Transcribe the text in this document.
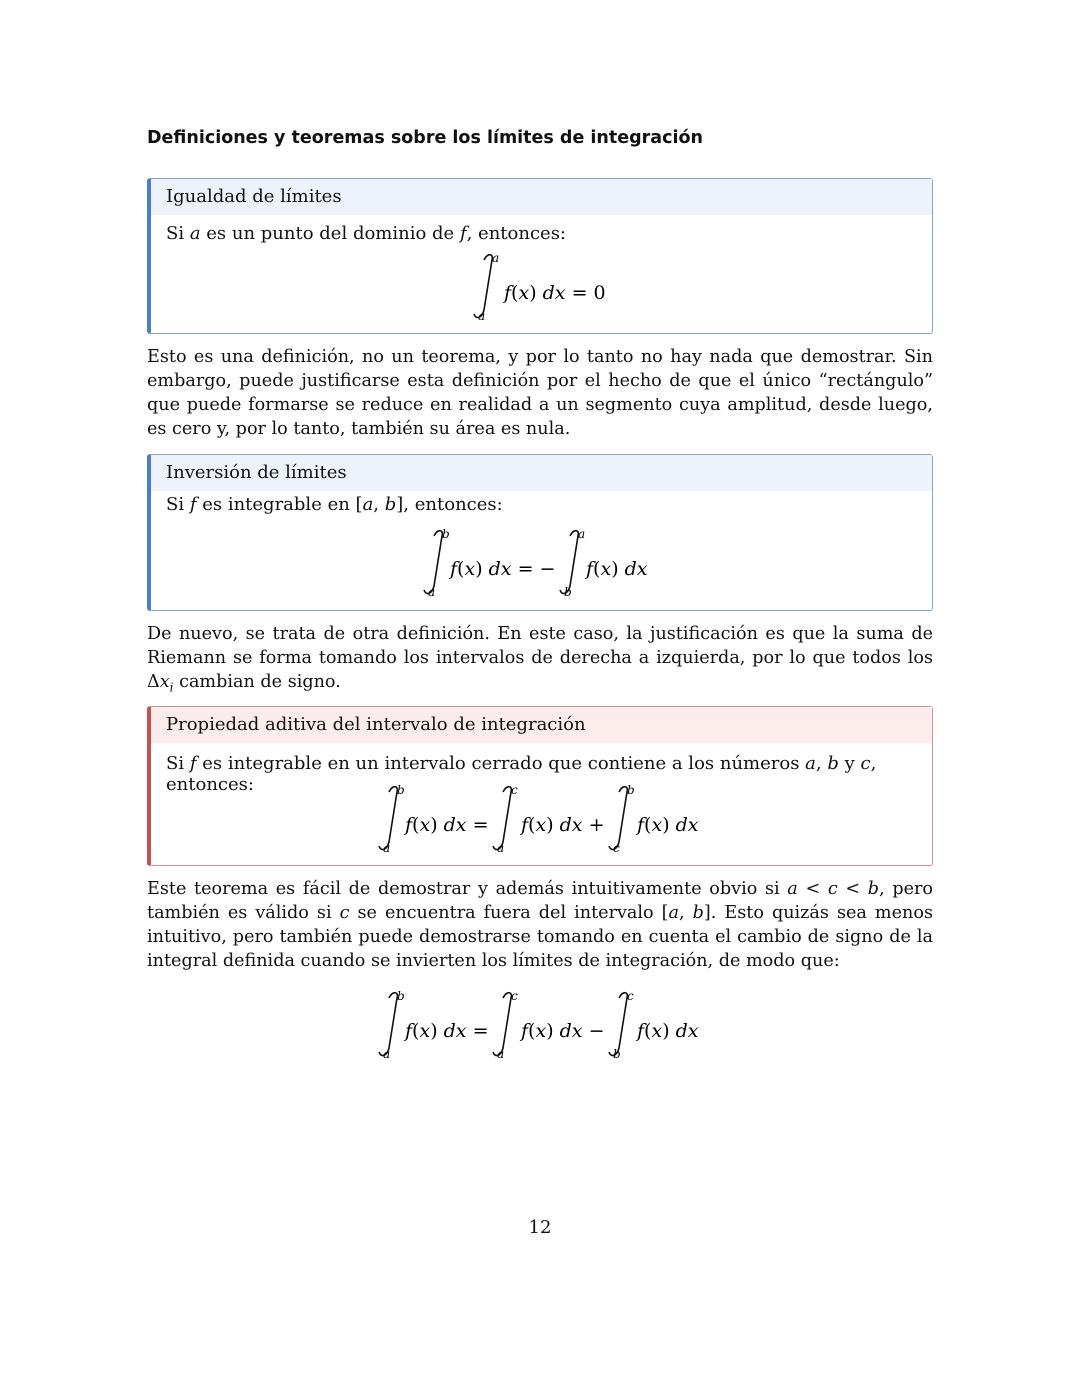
Definiciones y teoremas sobre los límites de integración
Igualdad de límites
Si a es un punto del dominio de f, entonces:
a
a
f(x) dx = 0
Esto es una definición, no un teorema, y por lo tanto no hay nada que demostrar. Sin embargo, puede justificarse esta definición por el hecho de que el único “rectángulo” que puede formarse se reduce en realidad a un segmento cuya amplitud, desde luego, es cero y, por lo tanto, también su área es nula.
Inversión de límites
Si f es integrable en [a, b], entonces:
b
a
f(x) dx = −
a
b
f(x) dx
De nuevo, se trata de otra definición. En este caso, la justificación es que la suma de Riemann se forma tomando los intervalos de derecha a izquierda, por lo que todos los $\Delta x_i$ cambian de signo.
Propiedad aditiva del intervalo de integración
Si f es integrable en un intervalo cerrado que contiene a los números a, b y c, entonces:	b
a
f(x) dx =
c
a
f(x) dx +
b
c
f(x) dx
Este teorema es fácil de demostrar y además intuitivamente obvio si a < c < b, pero también es válido si c se encuentra fuera del intervalo [a, b]. Esto quizás sea menos intuitivo, pero también puede demostrarse tomando en cuenta el cambio de signo de la integral definida cuando se invierten los límites de integración, de modo que:
b
a
f(x) dx =
c
a
f(x) dx −
c
b
f(x) dx
12
